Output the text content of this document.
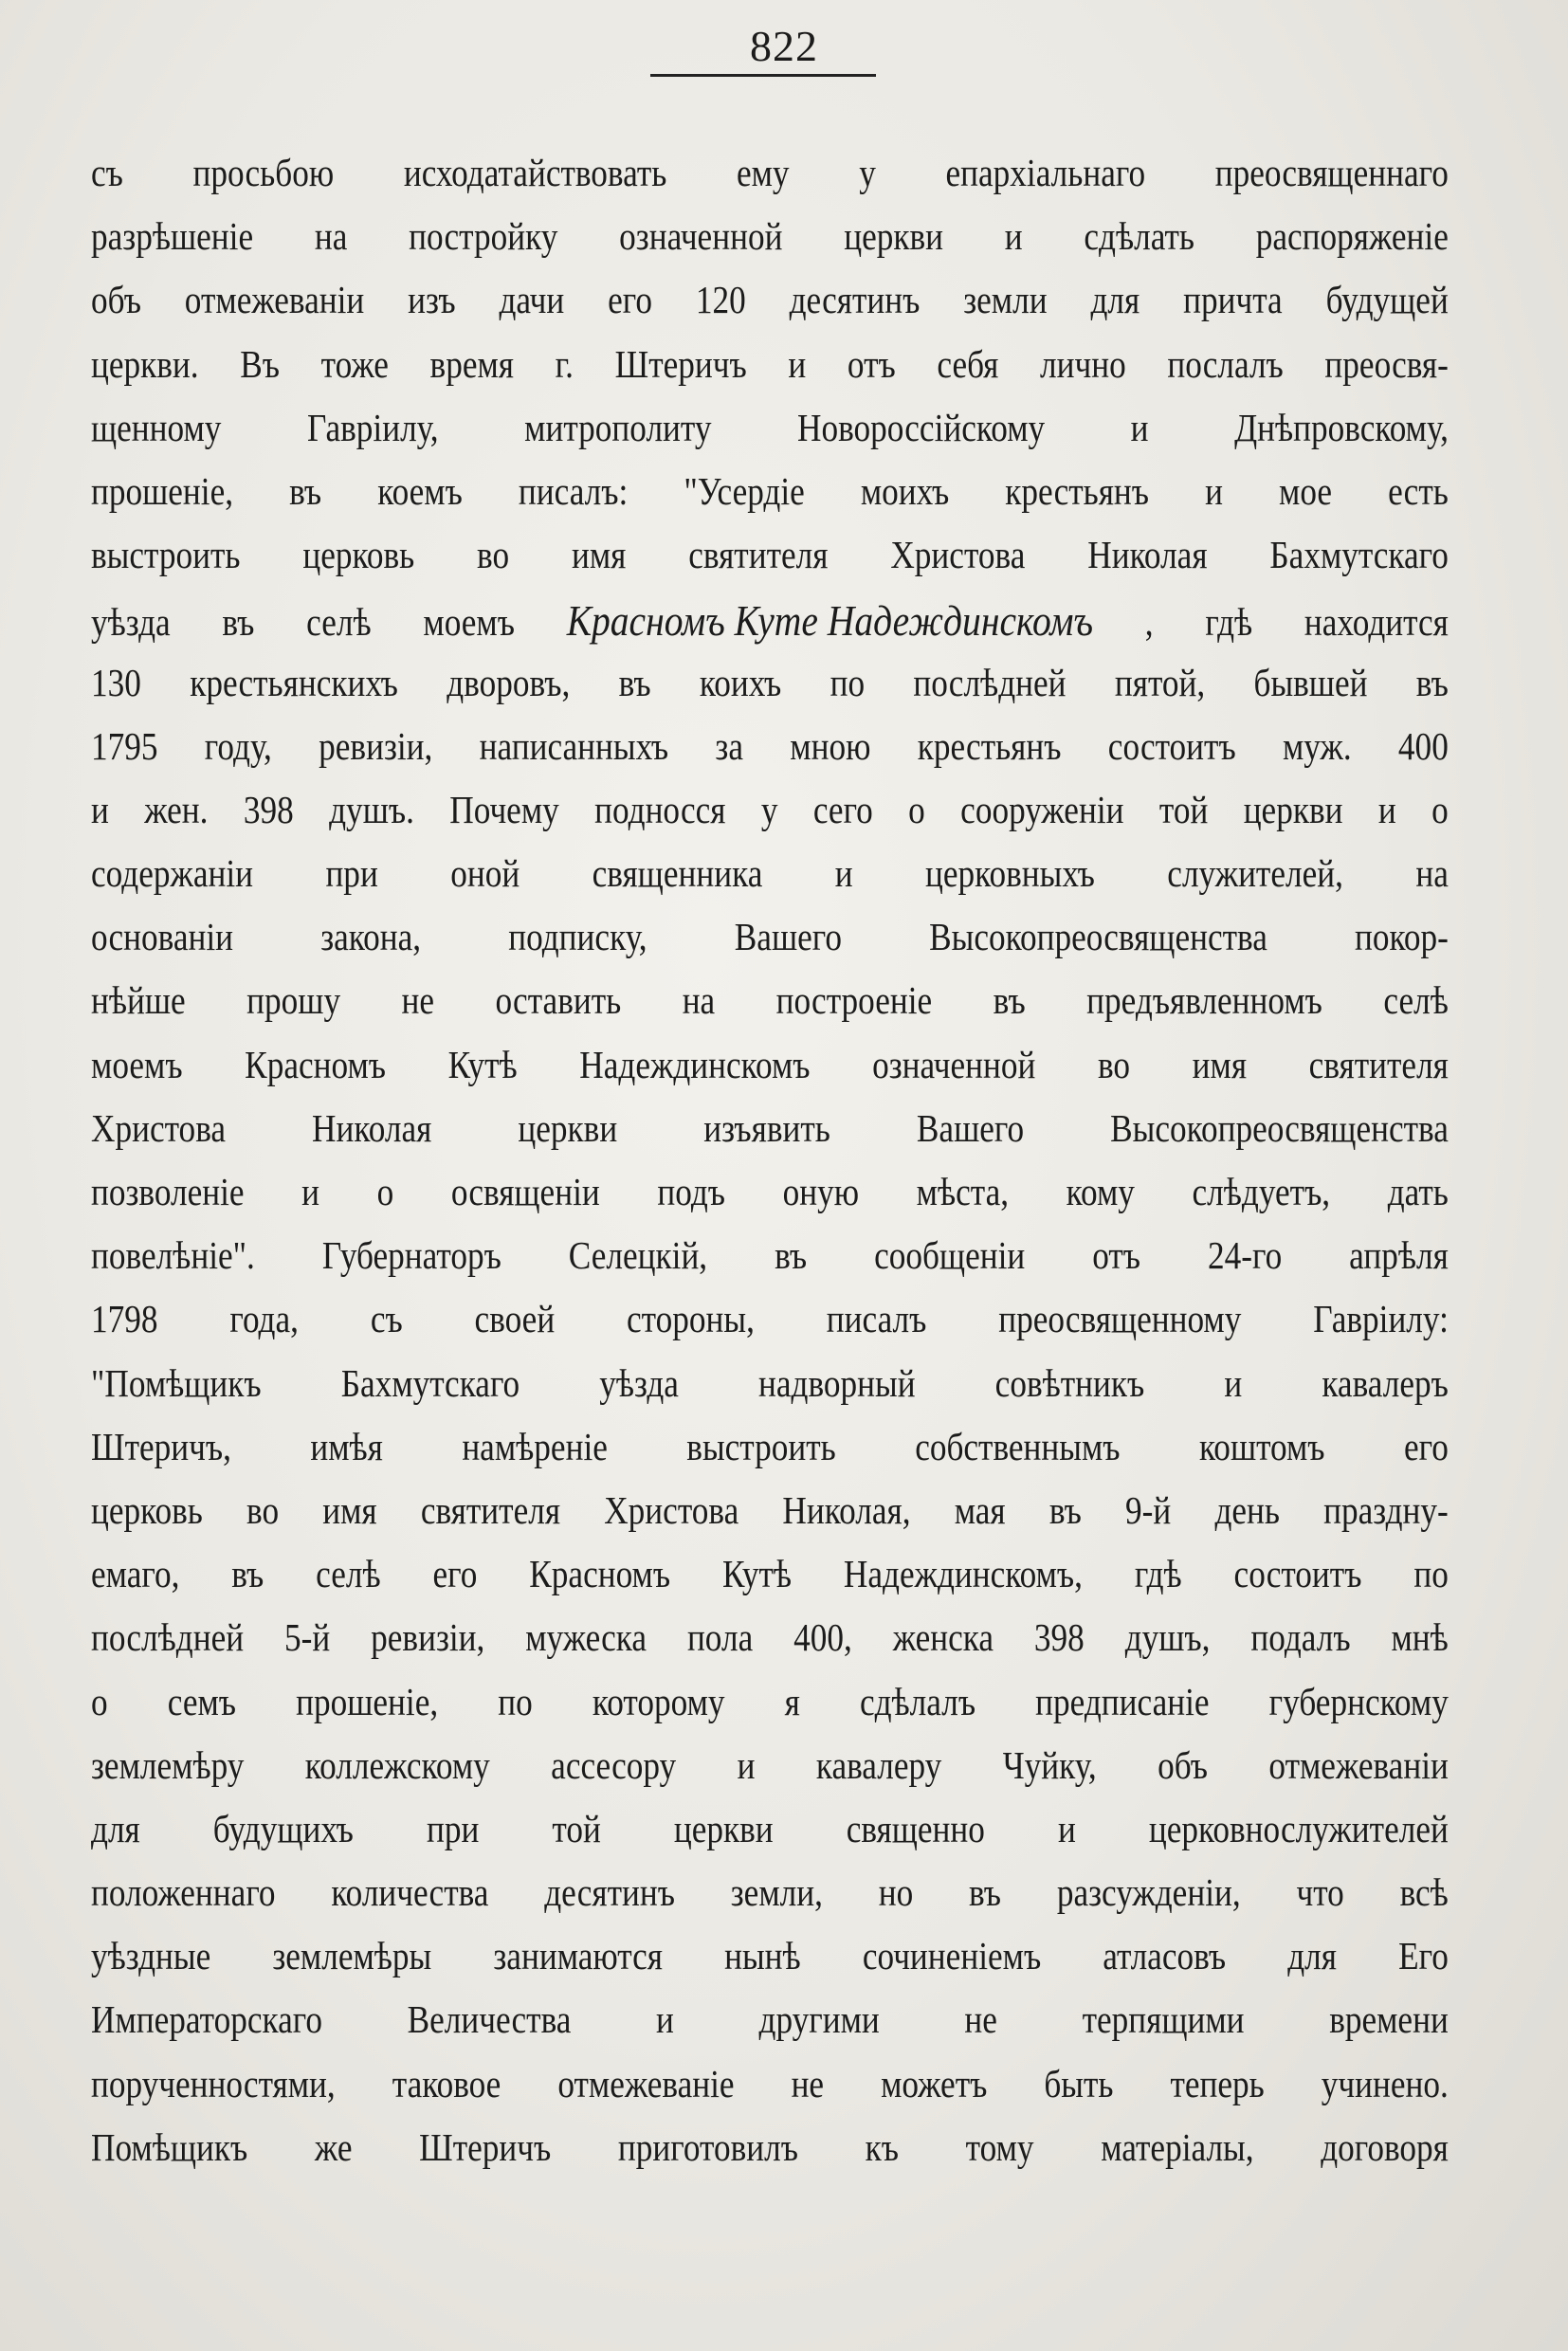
822
съ просьбою исходатайствовать ему у епархіальнаго преосвященнаго
разрѣшеніе на постройку означенной церкви и сдѣлать распоряженіе
объ отмежеваніи изъ дачи его 120 десятинъ земли для причта будущей
церкви. Въ тоже время г. Штеричъ и отъ себя лично послалъ преосвя-
щенному Гавріилу, митрополиту Новороссійскому и Днѣпровскому,
прошеніе, въ коемъ писалъ: "Усердіе моихъ крестьянъ и мое есть
выстроить церковь во имя святителя Христова Николая Бахмутскаго
уѣзда въ селѣ моемъ Красномъ Куте Надеждинскомъ , гдѣ находится
130 крестьянскихъ дворовъ, въ коихъ по послѣдней пятой, бывшей въ
1795 году, ревизіи, написанныхъ за мною крестьянъ состоитъ муж. 400
и жен. 398 душъ. Почему подносся у сего о сооруженіи той церкви и о
содержаніи при оной священника и церковныхъ служителей, на
основаніи закона, подписку, Вашего Высокопреосвященства покор-
нѣйше прошу не оставить на построеніе въ предъявленномъ селѣ
моемъ Красномъ Кутѣ Надеждинскомъ означенной во имя святителя
Христова Николая церкви изъявить Вашего Высокопреосвященства
позволеніе и о освященіи подъ оную мѣста, кому слѣдуетъ, дать
повелѣніе". Губернаторъ Селецкій, въ сообщеніи отъ 24-го апрѣля
1798 года, съ своей стороны, писалъ преосвященному Гавріилу:
"Помѣщикъ Бахмутскаго уѣзда надворный совѣтникъ и кавалеръ
Штеричъ, имѣя намѣреніе выстроить собственнымъ коштомъ его
церковь во имя святителя Христова Николая, мая въ 9-й день праздну-
емаго, въ селѣ его Красномъ Кутѣ Надеждинскомъ, гдѣ состоитъ по
послѣдней 5-й ревизіи, мужеска пола 400, женска 398 душъ, подалъ мнѣ
о семъ прошеніе, по которому я сдѣлалъ предписаніе губернскому
землемѣру коллежскому ассесору и кавалеру Чуйку, объ отмежеваніи
для будущихъ при той церкви священно и церковнослужителей
положеннаго количества десятинъ земли, но въ разсужденіи, что всѣ
уѣздные землемѣры занимаются нынѣ сочиненіемъ атласовъ для Его
Императорскаго Величества и другими не терпящими времени
порученностями, таковое отмежеваніе не можетъ быть теперь учинено.
Помѣщикъ же Штеричъ приготовилъ къ тому матеріалы, договоря
